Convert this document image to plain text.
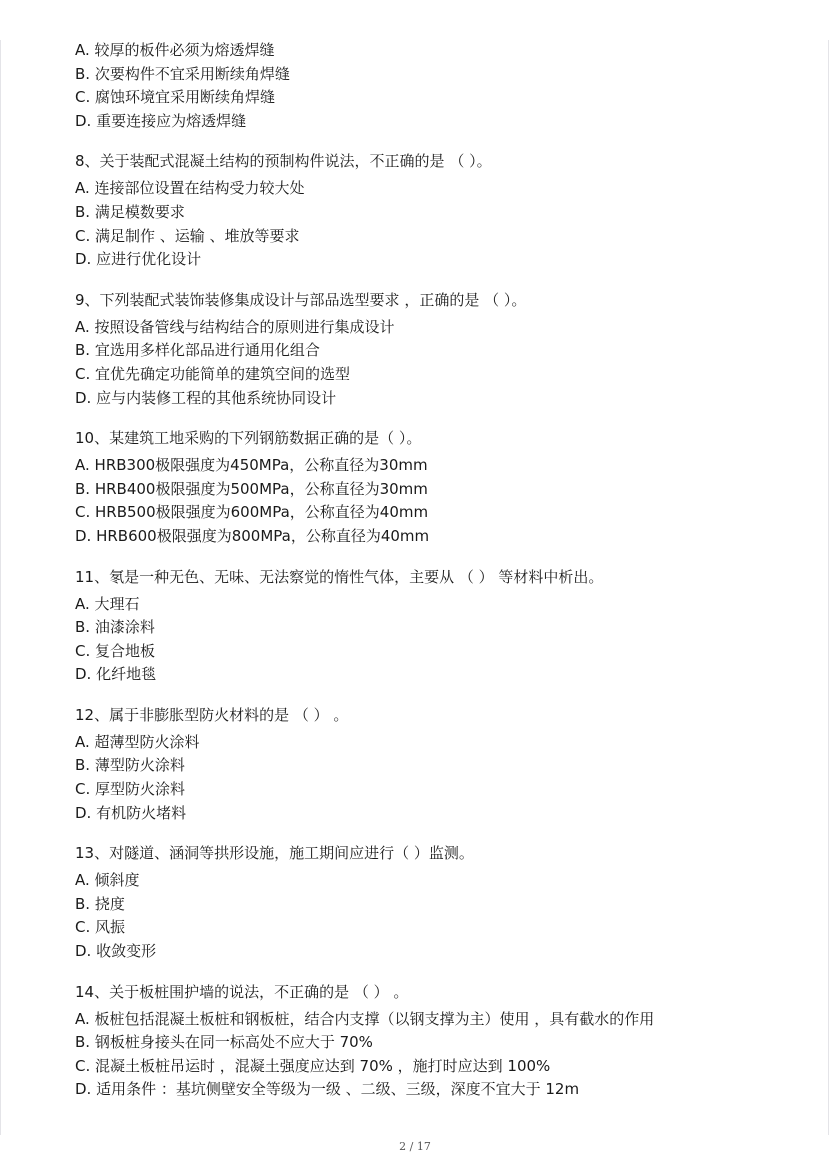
A. 较厚的板件必须为熔透焊缝
B. 次要构件不宜采用断续角焊缝
C. 腐蚀环境宜采用断续角焊缝
D. 重要连接应为熔透焊缝
8、关于装配式混凝土结构的预制构件说法，不正确的是 （ ）。
A. 连接部位设置在结构受力较大处
B. 满足模数要求
C. 满足制作 、运输 、堆放等要求
D. 应进行优化设计
9、下列装配式装饰装修集成设计与部品选型要求 ，正确的是 （ ）。
A. 按照设备管线与结构结合的原则进行集成设计
B. 宜选用多样化部品进行通用化组合
C. 宜优先确定功能简单的建筑空间的选型
D. 应与内装修工程的其他系统协同设计
10、某建筑工地采购的下列钢筋数据正确的是（ ）。
A. HRB300极限强度为450MPa，公称直径为30mm
B. HRB400极限强度为500MPa，公称直径为30mm
C. HRB500极限强度为600MPa，公称直径为40mm
D. HRB600极限强度为800MPa，公称直径为40mm
11、氡是一种无色、无味、无法察觉的惰性气体，主要从 （ ） 等材料中析出。
A. 大理石
B. 油漆涂料
C. 复合地板
D. 化纤地毯
12、属于非膨胀型防火材料的是 （ ） 。
A. 超薄型防火涂料
B. 薄型防火涂料
C. 厚型防火涂料
D. 有机防火堵料
13、对隧道、涵洞等拱形设施，施工期间应进行（ ）监测。
A. 倾斜度
B. 挠度
C. 风振
D. 收敛变形
14、关于板桩围护墙的说法，不正确的是 （ ） 。
A. 板桩包括混凝土板桩和钢板桩，结合内支撑（以钢支撑为主）使用 ，具有截水的作用
B. 钢板桩身接头在同一标高处不应大于 70%
C. 混凝土板桩吊运时 ，混凝土强度应达到 70% ，施打时应达到 100%
D. 适用条件 ：基坑侧壁安全等级为一级 、二级、三级，深度不宜大于 12m
2 / 17
